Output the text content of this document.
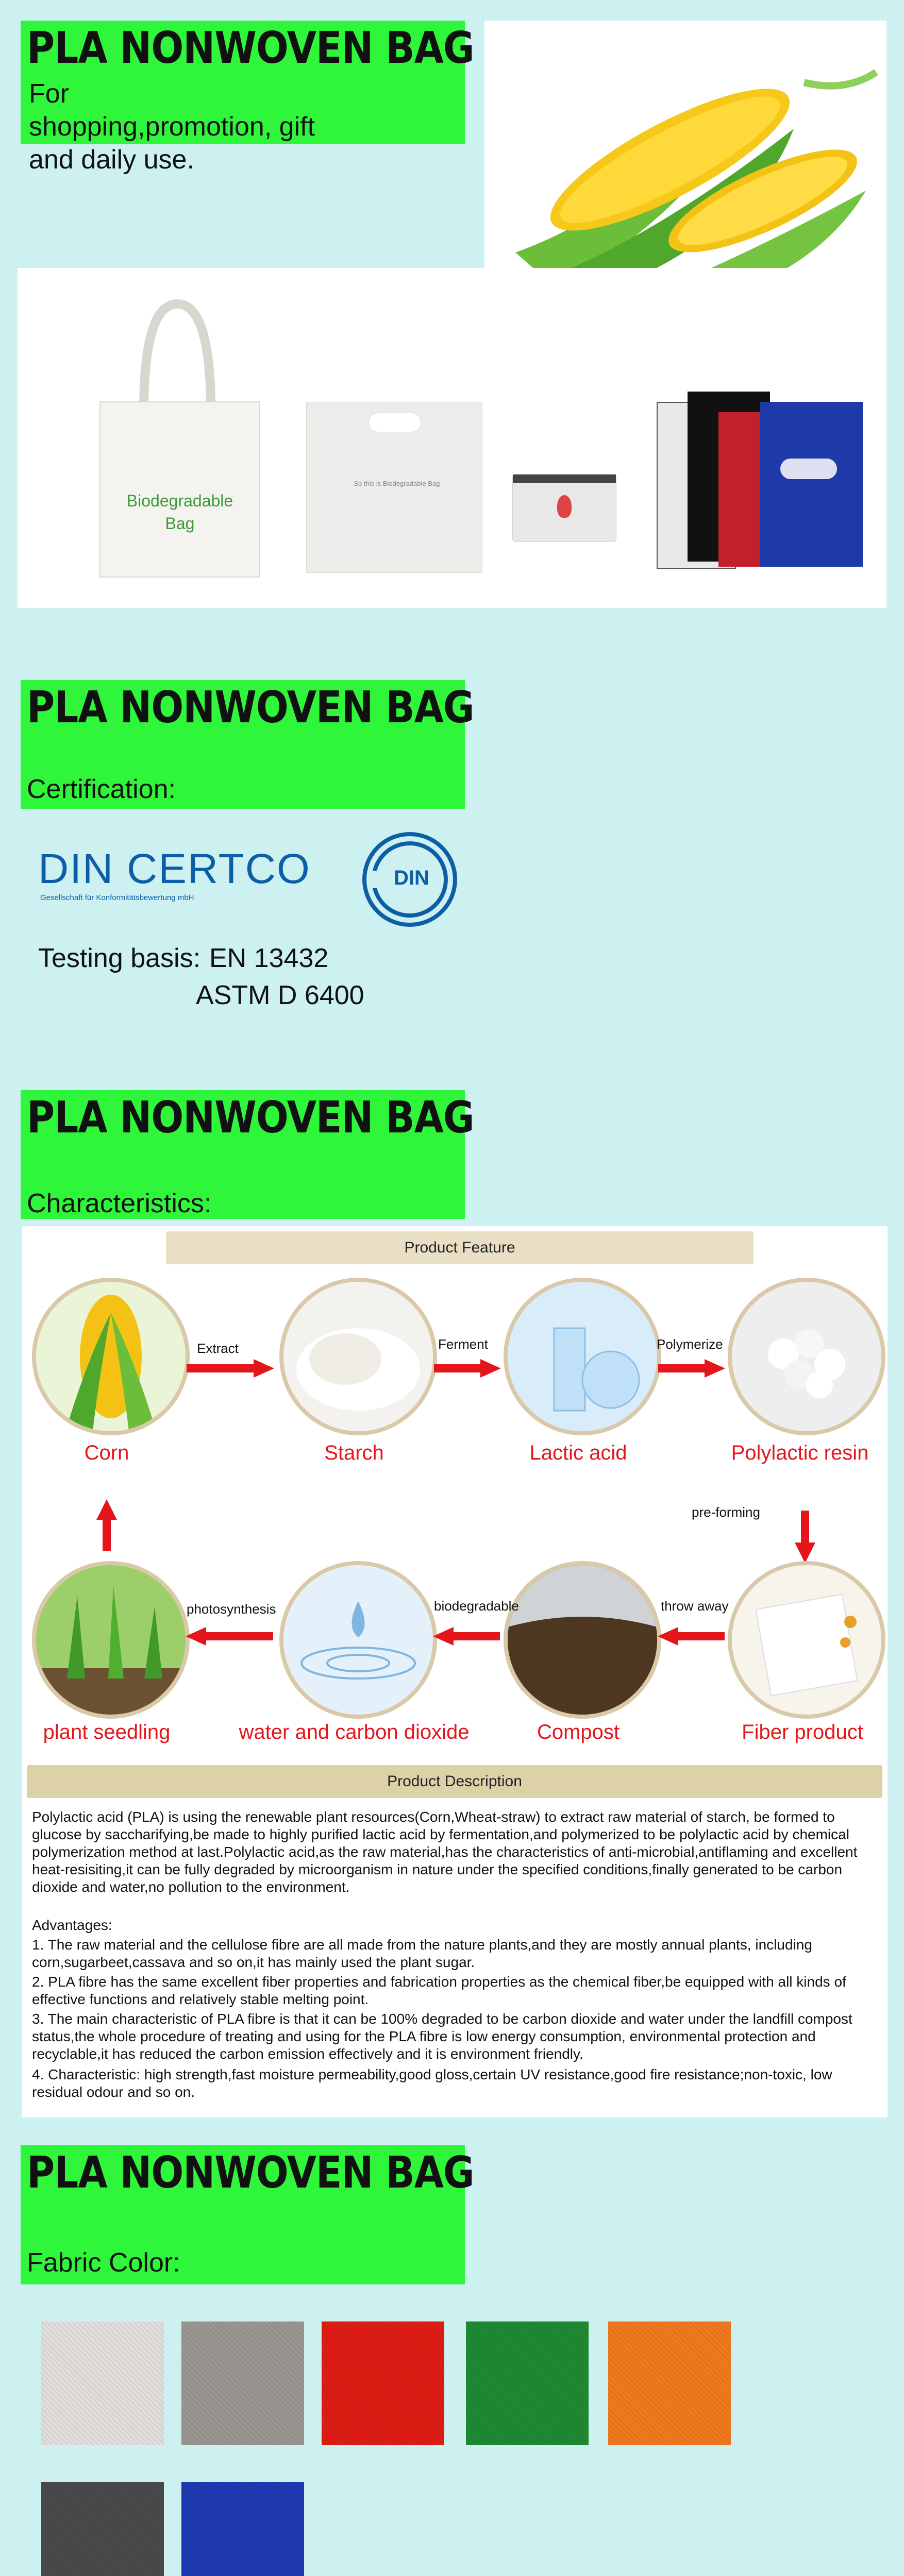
PLA NONWOVEN BAG
For shopping,promotion, gift and daily use.
Biodegradable Bag
So this is Biodegradable Bag
PLA NONWOVEN BAG
Certification:
DIN CERTCO
Gesellschaft für Konformitätsbewertung mbH
DIN
Testing basis: EN 13432
ASTM D 6400
PLA NONWOVEN BAG
Characteristics:
Product Feature
Extract	Ferment	Polymerize
Corn	Starch	Lactic acid	Polylactic resin
pre-forming
photosynthesis	biodegradable	throw away
plant seedling	water and carbon dioxide	Compost	Fiber product
Product Description
Polylactic acid (PLA) is using the renewable plant resources(Corn,Wheat-straw) to extract raw material of starch, be formed to glucose by saccharifying,be made to highly purified lactic acid by fermentation,and polymerized to be polylactic acid by chemical polymerization method at last.Polylactic acid,as the raw material,has the characteristics of anti-microbial,antiflaming and excellent heat-resisiting,it can be fully degraded by microorganism in nature under the specified conditions,finally generated to be carbon dioxide and water,no pollution to the environment.
Advantages:
1. The raw material and the cellulose fibre are all made from the nature plants,and they are mostly annual plants, including corn,sugarbeet,cassava and so on,it has mainly used the plant sugar.
2. PLA fibre has the same excellent fiber properties and fabrication properties as the chemical fiber,be equipped with all kinds of effective functions and relatively stable melting point.
3. The main characteristic of PLA fibre is that it can be 100% degraded to be carbon dioxide and water under the landfill compost status,the whole procedure of treating and using for the PLA fibre is low energy consumption, environmental protection and recyclable,it has reduced the carbon emission effectively and it is environment friendly.
4. Characteristic: high strength,fast moisture permeability,good gloss,certain UV resistance,good fire resistance;non-toxic, low residual odour and so on.
PLA NONWOVEN BAG
Fabric Color:
